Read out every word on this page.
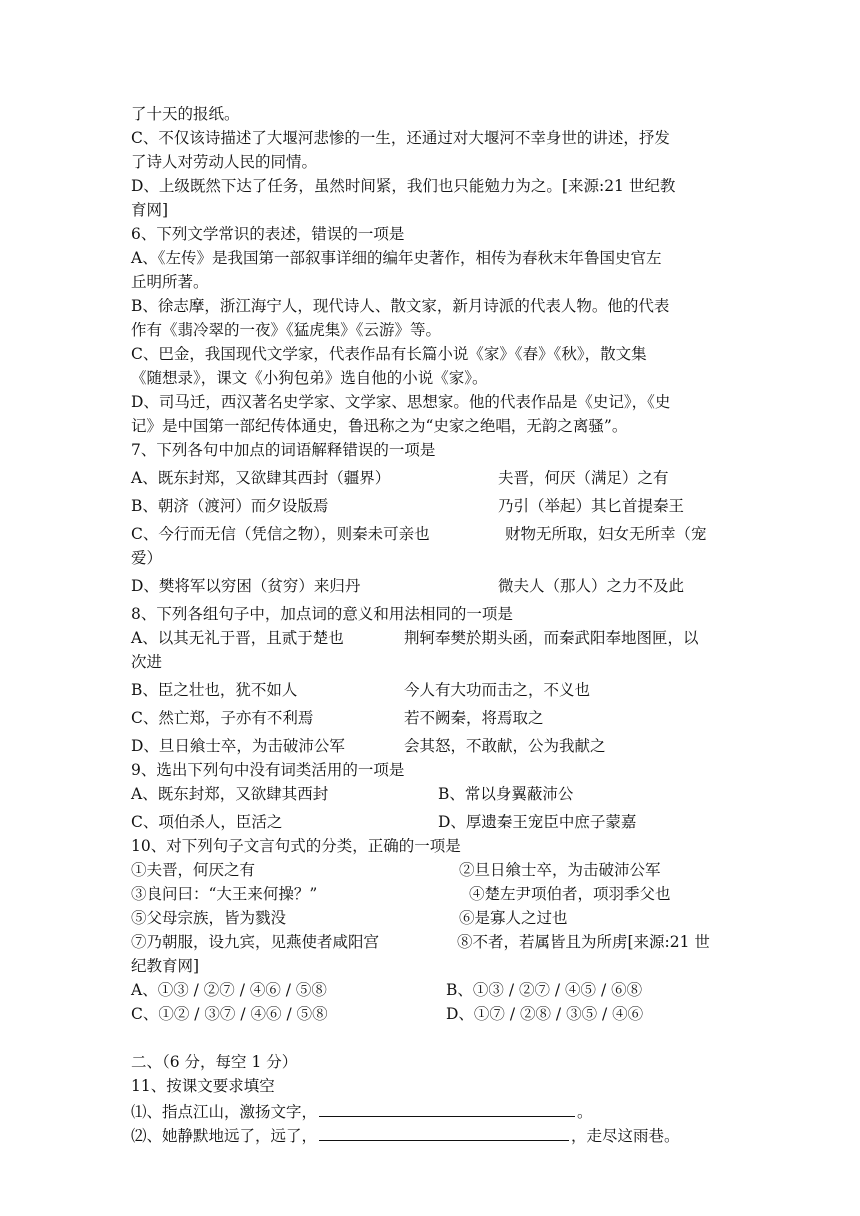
了十天的报纸。
C、不仅该诗描述了大堰河悲惨的一生，还通过对大堰河不幸身世的讲述，抒发
了诗人对劳动人民的同情。
D、上级既然下达了任务，虽然时间紧，我们也只能勉力为之。[来源:21 世纪教
育网]
6、下列文学常识的表述，错误的一项是
A、《左传》是我国第一部叙事详细的编年史著作，相传为春秋末年鲁国史官左
丘明所著。
B、徐志摩，浙江海宁人，现代诗人、散文家，新月诗派的代表人物。他的代表
作有《翡冷翠的一夜》《猛虎集》《云游》等。
C、巴金，我国现代文学家，代表作品有长篇小说《家》《春》《秋》，散文集
《随想录》，课文《小狗包弟》选自他的小说《家》。
D、司马迁，西汉著名史学家、文学家、思想家。他的代表作品是《史记》，《史
记》是中国第一部纪传体通史，鲁迅称之为“史家之绝唱，无韵之离骚”。
7、下列各句中加点的词语解释错误的一项是
A、既东封郑，又欲肆其西封（疆界）	夫晋，何厌（满足）之有
B、朝济（渡河）而夕设版焉	乃引（举起）其匕首提秦王
C、今行而无信（凭信之物），则秦未可亲也	财物无所取，妇女无所幸（宠
爱）
D、樊将军以穷困（贫穷）来归丹	微夫人（那人）之力不及此
8、下列各组句子中，加点词的意义和用法相同的一项是
A、以其无礼于晋，且贰于楚也	荆轲奉樊於期头函，而秦武阳奉地图匣，以
次进
B、臣之壮也，犹不如人	今人有大功而击之，不义也
C、然亡郑，子亦有不利焉	若不阙秦，将焉取之
D、旦日飨士卒，为击破沛公军	会其怒，不敢献，公为我献之
9、选出下列句中没有词类活用的一项是
A、既东封郑，又欲肆其西封	B、常以身翼蔽沛公
C、项伯杀人，臣活之	D、厚遗秦王宠臣中庶子蒙嘉
10、对下列句子文言句式的分类，正确的一项是
①夫晋，何厌之有	②旦日飨士卒，为击破沛公军
③良问曰：“大王来何操？”	④楚左尹项伯者，项羽季父也
⑤父母宗族，皆为戮没	⑥是寡人之过也
⑦乃朝服，设九宾，见燕使者咸阳宫	⑧不者，若属皆且为所虏[来源:21 世
纪教育网]
A、①③ / ②⑦ / ④⑥ / ⑤⑧	B、①③ / ②⑦ / ④⑤ / ⑥⑧
C、①② / ③⑦ / ④⑥ / ⑤⑧	D、①⑦ / ②⑧ / ③⑤ / ④⑥
二、（6 分，每空 1 分）
11、按课文要求填空
⑴、指点江山，激扬文字，	。
⑵、她静默地远了，远了，	，走尽这雨巷。
